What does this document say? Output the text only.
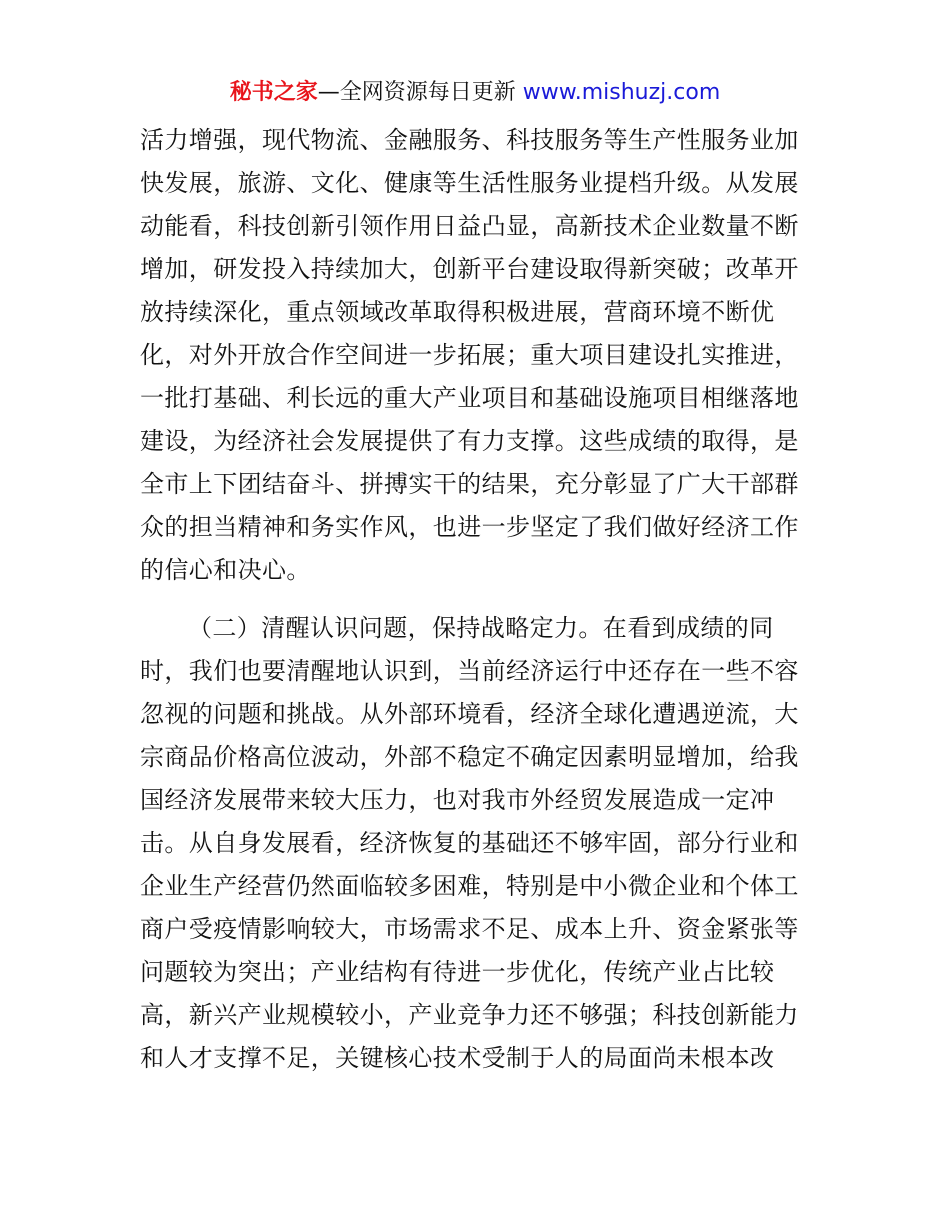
秘书之家—全网资源每日更新 www.mishuzj.com
活力增强，现代物流、金融服务、科技服务等生产性服务业加
快发展，旅游、文化、健康等生活性服务业提档升级。从发展
动能看，科技创新引领作用日益凸显，高新技术企业数量不断
增加，研发投入持续加大，创新平台建设取得新突破；改革开
放持续深化，重点领域改革取得积极进展，营商环境不断优
化，对外开放合作空间进一步拓展；重大项目建设扎实推进，
一批打基础、利长远的重大产业项目和基础设施项目相继落地
建设，为经济社会发展提供了有力支撑。这些成绩的取得，是
全市上下团结奋斗、拼搏实干的结果，充分彰显了广大干部群
众的担当精神和务实作风，也进一步坚定了我们做好经济工作
的信心和决心。
（二）清醒认识问题，保持战略定力。在看到成绩的同
时，我们也要清醒地认识到，当前经济运行中还存在一些不容
忽视的问题和挑战。从外部环境看，经济全球化遭遇逆流，大
宗商品价格高位波动，外部不稳定不确定因素明显增加，给我
国经济发展带来较大压力，也对我市外经贸发展造成一定冲
击。从自身发展看，经济恢复的基础还不够牢固，部分行业和
企业生产经营仍然面临较多困难，特别是中小微企业和个体工
商户受疫情影响较大，市场需求不足、成本上升、资金紧张等
问题较为突出；产业结构有待进一步优化，传统产业占比较
高，新兴产业规模较小，产业竞争力还不够强；科技创新能力
和人才支撑不足，关键核心技术受制于人的局面尚未根本改
